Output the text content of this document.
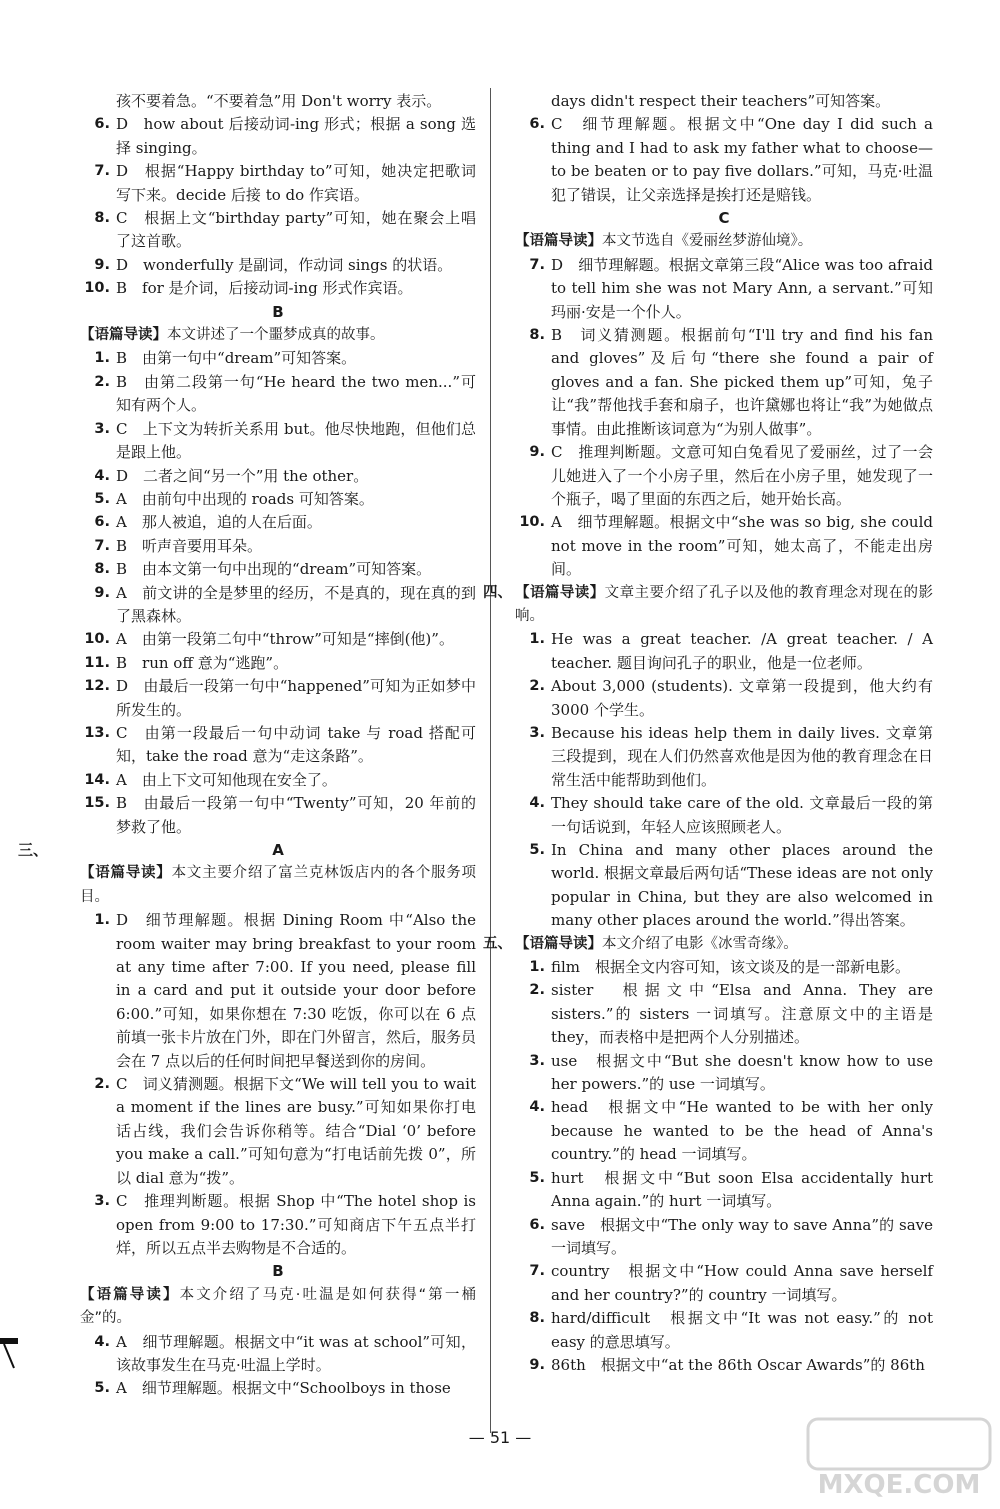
孩不要着急。“不要着急”用 Don't worry 表示。
6. D　how about 后接动词-ing 形式；根据 a song 选择 singing。
7. D　根据“Happy birthday to”可知，她决定把歌词写下来。decide 后接 to do 作宾语。
8. C　根据上文“birthday party”可知，她在聚会上唱了这首歌。
9. D　wonderfully 是副词，作动词 sings 的状语。
10. B　for 是介词，后接动词-ing 形式作宾语。
B
【语篇导读】本文讲述了一个噩梦成真的故事。
1. B　由第一句中“dream”可知答案。
2. B　由第二段第一句“He heard the two men...”可知有两个人。
3. C　上下文为转折关系用 but。他尽快地跑，但他们总是跟上他。
4. D　二者之间“另一个”用 the other。
5. A　由前句中出现的 roads 可知答案。
6. A　那人被追，追的人在后面。
7. B　听声音要用耳朵。
8. B　由本文第一句中出现的“dream”可知答案。
9. A　前文讲的全是梦里的经历，不是真的，现在真的到了黑森林。
10. A　由第一段第二句中“throw”可知是“摔倒(他)”。
11. B　run off 意为“逃跑”。
12. D　由最后一段第一句中“happened”可知为正如梦中所发生的。
13. C　由第一段最后一句中动词 take 与 road 搭配可知，take the road 意为“走这条路”。
14. A　由上下文可知他现在安全了。
15. B　由最后一段第一句中“Twenty”可知，20 年前的梦救了他。
A
三、
【语篇导读】本文主要介绍了富兰克林饭店内的各个服务项目。
1. D　细节理解题。根据 Dining Room 中“Also the room waiter may bring breakfast to your room at any time after 7:00. If you need, please fill in a card and put it outside your door before 6:00.”可知，如果你想在 7:30 吃饭，你可以在 6 点前填一张卡片放在门外，即在门外留言，然后，服务员会在 7 点以后的任何时间把早餐送到你的房间。
2. C　词义猜测题。根据下文“We will tell you to wait a moment if the lines are busy.”可知如果你打电话占线，我们会告诉你稍等。结合“Dial ‘0’ before you make a call.”可知句意为“打电话前先拨 0”，所以 dial 意为“拨”。
3. C　推理判断题。根据 Shop 中“The hotel shop is open from 9:00 to 17:30.”可知商店下午五点半打烊，所以五点半去购物是不合适的。
B
【语篇导读】本文介绍了马克·吐温是如何获得“第一桶金”的。
4. A　细节理解题。根据文中“it was at school”可知，该故事发生在马克·吐温上学时。
5. A　细节理解题。根据文中“Schoolboys in those
days didn't respect their teachers”可知答案。
6. C　细节理解题。根据文中“One day I did such a thing and I had to ask my father what to choose—to be beaten or to pay five dollars.”可知，马克·吐温犯了错误，让父亲选择是挨打还是赔钱。
C
【语篇导读】本文节选自《爱丽丝梦游仙境》。
7. D　细节理解题。根据文章第三段“Alice was too afraid to tell him she was not Mary Ann, a servant.”可知玛丽·安是一个仆人。
8. B　词义猜测题。根据前句“I'll try and find his fan and gloves”及后句“there she found a pair of gloves and a fan. She picked them up”可知，兔子让“我”帮他找手套和扇子，也许黛娜也将让“我”为她做点事情。由此推断该词意为“为别人做事”。
9. C　推理判断题。文意可知白兔看见了爱丽丝，过了一会儿她进入了一个小房子里，然后在小房子里，她发现了一个瓶子，喝了里面的东西之后，她开始长高。
10. A　细节理解题。根据文中“she was so big, she could not move in the room”可知，她太高了，不能走出房间。
四、 【语篇导读】文章主要介绍了孔子以及他的教育理念对现在的影响。
1. He was a great teacher. /A great teacher. / A teacher. 题目询问孔子的职业，他是一位老师。
2. About 3,000 (students). 文章第一段提到，他大约有 3000 个学生。
3. Because his ideas help them in daily lives. 文章第三段提到，现在人们仍然喜欢他是因为他的教育理念在日常生活中能帮助到他们。
4. They should take care of the old. 文章最后一段的第一句话说到，年轻人应该照顾老人。
5. In China and many other places around the world. 根据文章最后两句话“These ideas are not only popular in China, but they are also welcomed in many other places around the world.”得出答案。
五、 【语篇导读】本文介绍了电影《冰雪奇缘》。
1. film　根据全文内容可知，该文谈及的是一部新电影。
2. sister　根据文中“Elsa and Anna. They are sisters.”的 sisters 一词填写。注意原文中的主语是 they，而表格中是把两个人分别描述。
3. use　根据文中“But she doesn't know how to use her powers.”的 use 一词填写。
4. head　根据文中“He wanted to be with her only because he wanted to be the head of Anna's country.”的 head 一词填写。
5. hurt　根据文中“But soon Elsa accidentally hurt Anna again.”的 hurt 一词填写。
6. save　根据文中“The only way to save Anna”的 save 一词填写。
7. country　根据文中“How could Anna save herself and her country?”的 country 一词填写。
8. hard/difficult　根据文中“It was not easy.”的 not easy 的意思填写。
9. 86th　根据文中“at the 86th Oscar Awards”的 86th
— 51 —
MXQE.COM
